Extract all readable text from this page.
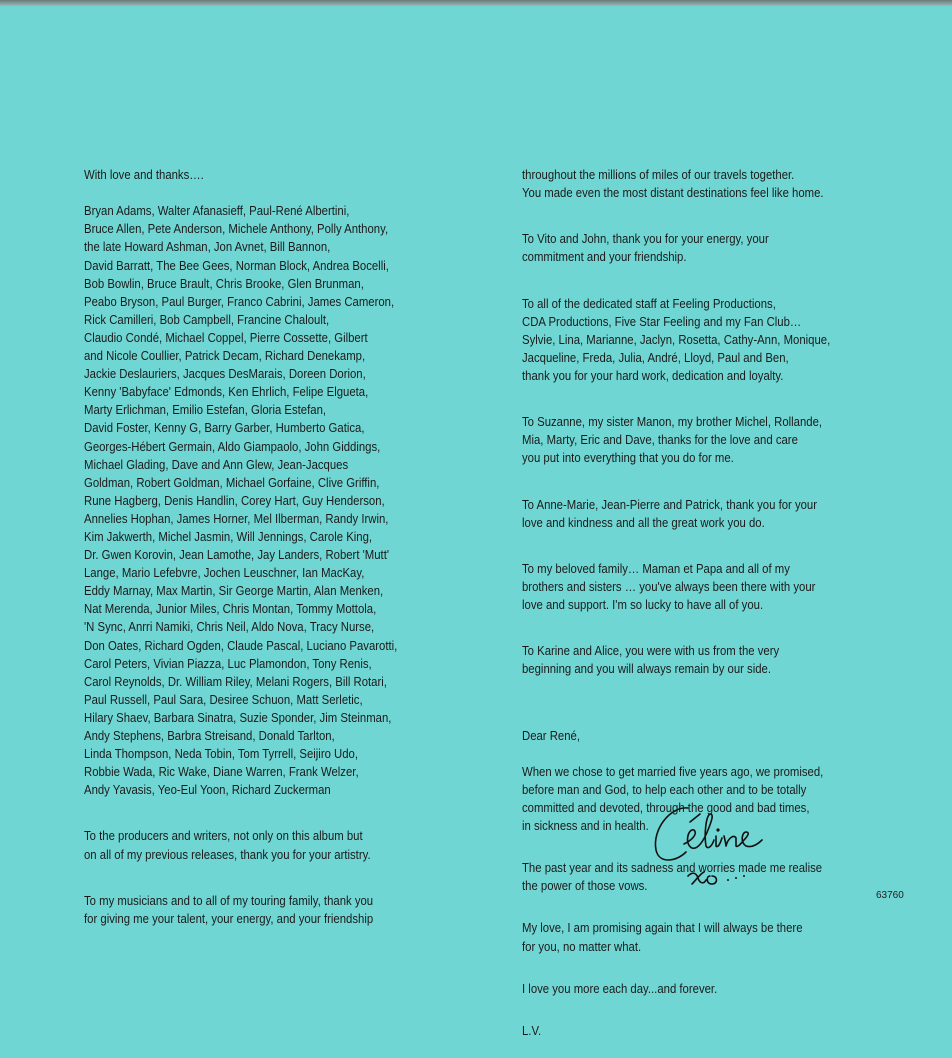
With love and thanks….

Bryan Adams, Walter Afanasieff, Paul-René Albertini,
Bruce Allen, Pete Anderson, Michele Anthony, Polly Anthony,
the late Howard Ashman, Jon Avnet, Bill Bannon,
David Barratt, The Bee Gees, Norman Block, Andrea Bocelli,
Bob Bowlin, Bruce Brault, Chris Brooke, Glen Brunman,
Peabo Bryson, Paul Burger, Franco Cabrini, James Cameron,
Rick Camilleri, Bob Campbell, Francine Chaloult,
Claudio Condé, Michael Coppel, Pierre Cossette, Gilbert
and Nicole Coullier, Patrick Decam, Richard Denekamp,
Jackie Deslauriers, Jacques DesMarais, Doreen Dorion,
Kenny 'Babyface' Edmonds, Ken Ehrlich, Felipe Elgueta,
Marty Erlichman, Emilio Estefan, Gloria Estefan,
David Foster, Kenny G, Barry Garber, Humberto Gatica,
Georges-Hébert Germain, Aldo Giampaolo, John Giddings,
Michael Glading, Dave and Ann Glew, Jean-Jacques
Goldman, Robert Goldman, Michael Gorfaine, Clive Griffin,
Rune Hagberg, Denis Handlin, Corey Hart, Guy Henderson,
Annelies Hophan, James Horner, Mel Ilberman, Randy Irwin,
Kim Jakwerth, Michel Jasmin, Will Jennings, Carole King,
Dr. Gwen Korovin, Jean Lamothe, Jay Landers, Robert 'Mutt'
Lange, Mario Lefebvre, Jochen Leuschner, Ian MacKay,
Eddy Marnay, Max Martin, Sir George Martin, Alan Menken,
Nat Merenda, Junior Miles, Chris Montan, Tommy Mottola,
'N Sync, Anrri Namiki, Chris Neil, Aldo Nova, Tracy Nurse,
Don Oates, Richard Ogden, Claude Pascal, Luciano Pavarotti,
Carol Peters, Vivian Piazza, Luc Plamondon, Tony Renis,
Carol Reynolds, Dr. William Riley, Melani Rogers, Bill Rotari,
Paul Russell, Paul Sara, Desiree Schuon, Matt Serletic,
Hilary Shaev, Barbara Sinatra, Suzie Sponder, Jim Steinman,
Andy Stephens, Barbra Streisand, Donald Tarlton,
Linda Thompson, Neda Tobin, Tom Tyrrell, Seijiro Udo,
Robbie Wada, Ric Wake, Diane Warren, Frank Welzer,
Andy Yavasis, Yeo-Eul Yoon, Richard Zuckerman

To the producers and writers, not only on this album but
on all of my previous releases, thank you for your artistry.

To my musicians and to all of my touring family, thank you
for giving me your talent, your energy, and your friendship

throughout the millions of miles of our travels together.
You made even the most distant destinations feel like home.

To Vito and John, thank you for your energy, your
commitment and your friendship.

To all of the dedicated staff at Feeling Productions,
CDA Productions, Five Star Feeling and my Fan Club…
Sylvie, Lina, Marianne, Jaclyn, Rosetta, Cathy-Ann, Monique,
Jacqueline, Freda, Julia, André, Lloyd, Paul and Ben,
thank you for your hard work, dedication and loyalty.

To Suzanne, my sister Manon, my brother Michel, Rollande,
Mia, Marty, Eric and Dave, thanks for the love and care
you put into everything that you do for me.

To Anne-Marie, Jean-Pierre and Patrick, thank you for your
love and kindness and all the great work you do.

To my beloved family… Maman et Papa and all of my
brothers and sisters … you've always been there with your
love and support. I'm so lucky to have all of you.

To Karine and Alice, you were with us from the very
beginning and you will always remain by our side.

Dear René,

When we chose to get married five years ago, we promised,
before man and God, to help each other and to be totally
committed and devoted, through the good and bad times,
in sickness and in health.

The past year and its sadness and worries made me realise
the power of those vows.

My love, I am promising again that I will always be there
for you, no matter what.

I love you more each day...and forever.

L.V.

63760
